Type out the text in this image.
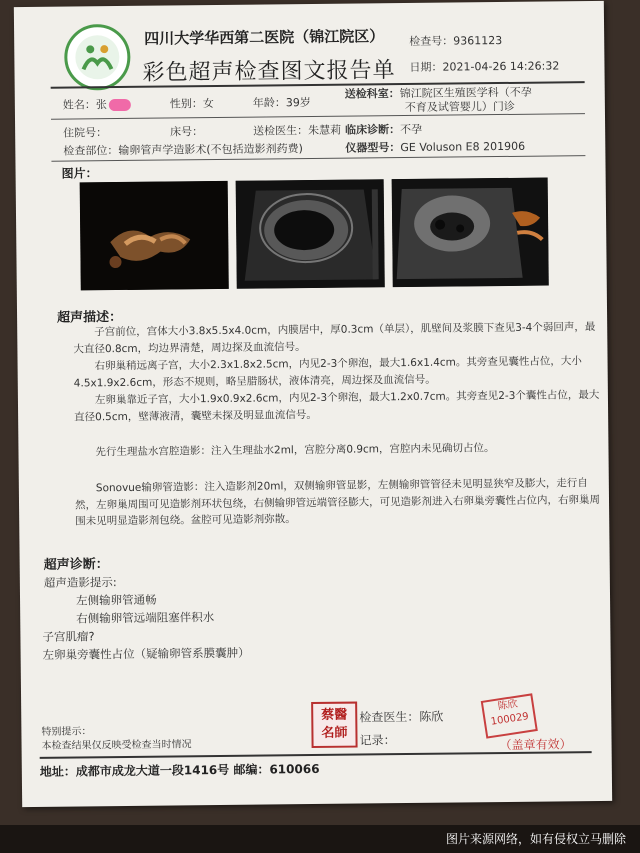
四川大学华西第二医院（锦江院区）
彩色超声检查图文报告单
检查号：9361123
日期：2021-04-26 14:26:32
姓名：张	性别：女	年龄：39岁
送检科室：锦江院区生殖医学科（不孕
不育及试管婴儿）门诊
住院号：	床号：	送检医生：朱慧莉 临床诊断：不孕
检查部位：输卵管声学造影术(不包括造影剂药费)	仪器型号：GE Voluson E8 201906
图片：
超声描述：

子宫前位，宫体大小3.8x5.5x4.0cm，内膜居中，厚0.3cm（单层），肌壁间及浆膜下查见3-4个弱回声，最大直径0.8cm，均边界清楚，周边探及血流信号。

右卵巢稍远离子宫，大小2.3x1.8x2.5cm，内见2-3个卵泡，最大1.6x1.4cm。其旁查见囊性占位，大小4.5x1.9x2.6cm，形态不规则，略呈腊肠状，液体清亮，周边探及血流信号。

左卵巢靠近子宫，大小1.9x0.9x2.6cm，内见2-3个卵泡，最大1.2x0.7cm。其旁查见2-3个囊性占位，最大直径0.5cm，壁薄液清，囊壁未探及明显血流信号。

先行生理盐水宫腔造影：注入生理盐水2ml，宫腔分离0.9cm，宫腔内未见确切占位。

Sonovue输卵管造影：注入造影剂20ml，双侧输卵管显影，左侧输卵管管径未见明显狭窄及膨大，走行自然，左卵巢周围可见造影剂环状包绕，右侧输卵管远端管径膨大，可见造影剂进入右卵巢旁囊性占位内，右卵巢周围未见明显造影剂包绕。盆腔可见造影剂弥散。

超声诊断：
超声造影提示:
左侧输卵管通畅
右侧输卵管远端阻塞伴积水
子宫肌瘤?
左卵巢旁囊性占位（疑输卵管系膜囊肿）
特别提示：
本检查结果仅反映受检查当时情况
蔡醫名師
检查医生：陈欣
记录：
陈欣
100029
（盖章有效）
地址：成都市成龙大道一段1416号 邮编：610066
图片来源网络，如有侵权立马删除
